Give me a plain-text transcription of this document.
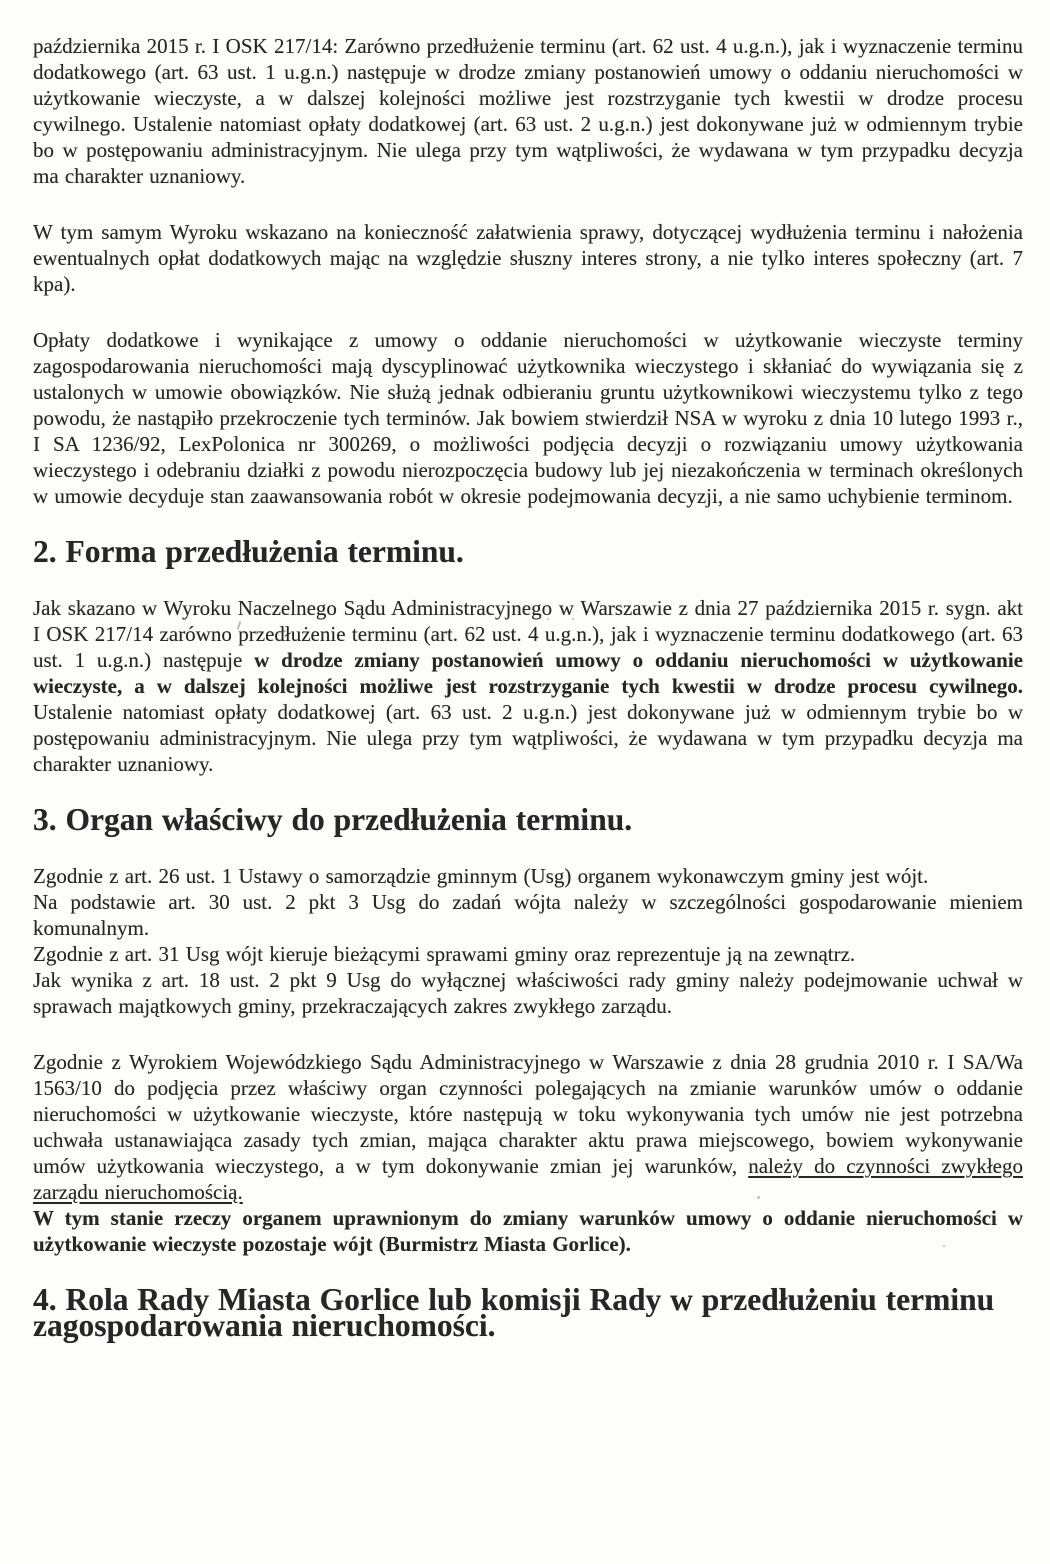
października 2015 r. I OSK 217/14: Zarówno przedłużenie terminu (art. 62 ust. 4 u.g.n.), jak i wyznaczenie terminu dodatkowego (art. 63 ust. 1 u.g.n.) następuje w drodze zmiany postanowień umowy o oddaniu nieruchomości w użytkowanie wieczyste, a w dalszej kolejności możliwe jest rozstrzyganie tych kwestii w drodze procesu cywilnego. Ustalenie natomiast opłaty dodatkowej (art. 63 ust. 2 u.g.n.) jest dokonywane już w odmiennym trybie bo w postępowaniu administracyjnym. Nie ulega przy tym wątpliwości, że wydawana w tym przypadku decyzja ma charakter uznaniowy.

W tym samym Wyroku wskazano na konieczność załatwienia sprawy, dotyczącej wydłużenia terminu i nałożenia ewentualnych opłat dodatkowych mając na względzie słuszny interes strony, a nie tylko interes społeczny (art. 7 kpa).

Opłaty dodatkowe i wynikające z umowy o oddanie nieruchomości w użytkowanie wieczyste terminy zagospodarowania nieruchomości mają dyscyplinować użytkownika wieczystego i skłaniać do wywiązania się z ustalonych w umowie obowiązków. Nie służą jednak odbieraniu gruntu użytkownikowi wieczystemu tylko z tego powodu, że nastąpiło przekroczenie tych terminów. Jak bowiem stwierdził NSA w wyroku z dnia 10 lutego 1993 r., I SA 1236/92, LexPolonica nr 300269, o możliwości podjęcia decyzji o rozwiązaniu umowy użytkowania wieczystego i odebraniu działki z powodu nierozpoczęcia budowy lub jej niezakończenia w terminach określonych w umowie decyduje stan zaawansowania robót w okresie podejmowania decyzji, a nie samo uchybienie terminom.

2. Forma przedłużenia terminu.

Jak skazano w Wyroku Naczelnego Sądu Administracyjnego w Warszawie z dnia 27 października 2015 r. sygn. akt I OSK 217/14 zarówno przedłużenie terminu (art. 62 ust. 4 u.g.n.), jak i wyznaczenie terminu dodatkowego (art. 63 ust. 1 u.g.n.) następuje w drodze zmiany postanowień umowy o oddaniu nieruchomości w użytkowanie wieczyste, a w dalszej kolejności możliwe jest rozstrzyganie tych kwestii w drodze procesu cywilnego. Ustalenie natomiast opłaty dodatkowej (art. 63 ust. 2 u.g.n.) jest dokonywane już w odmiennym trybie bo w postępowaniu administracyjnym. Nie ulega przy tym wątpliwości, że wydawana w tym przypadku decyzja ma charakter uznaniowy.

3. Organ właściwy do przedłużenia terminu.

Zgodnie z art. 26 ust. 1 Ustawy o samorządzie gminnym (Usg) organem wykonawczym gminy jest wójt.

Na podstawie art. 30 ust. 2 pkt 3 Usg do zadań wójta należy w szczególności gospodarowanie mieniem komunalnym.

Zgodnie z art. 31 Usg wójt kieruje bieżącymi sprawami gminy oraz reprezentuje ją na zewnątrz.

Jak wynika z art. 18 ust. 2 pkt 9 Usg do wyłącznej właściwości rady gminy należy podejmowanie uchwał w sprawach majątkowych gminy, przekraczających zakres zwykłego zarządu.

Zgodnie z Wyrokiem Wojewódzkiego Sądu Administracyjnego w Warszawie z dnia 28 grudnia 2010 r. I SA/Wa 1563/10 do podjęcia przez właściwy organ czynności polegających na zmianie warunków umów o oddanie nieruchomości w użytkowanie wieczyste, które następują w toku wykonywania tych umów nie jest potrzebna uchwała ustanawiająca zasady tych zmian, mająca charakter aktu prawa miejscowego, bowiem wykonywanie umów użytkowania wieczystego, a w tym dokonywanie zmian jej warunków, należy do czynności zwykłego zarządu nieruchomością.

W tym stanie rzeczy organem uprawnionym do zmiany warunków umowy o oddanie nieruchomości w użytkowanie wieczyste pozostaje wójt (Burmistrz Miasta Gorlice).

4. Rola Rady Miasta Gorlice lub komisji Rady w przedłużeniu terminu zagospodarowania nieruchomości.
